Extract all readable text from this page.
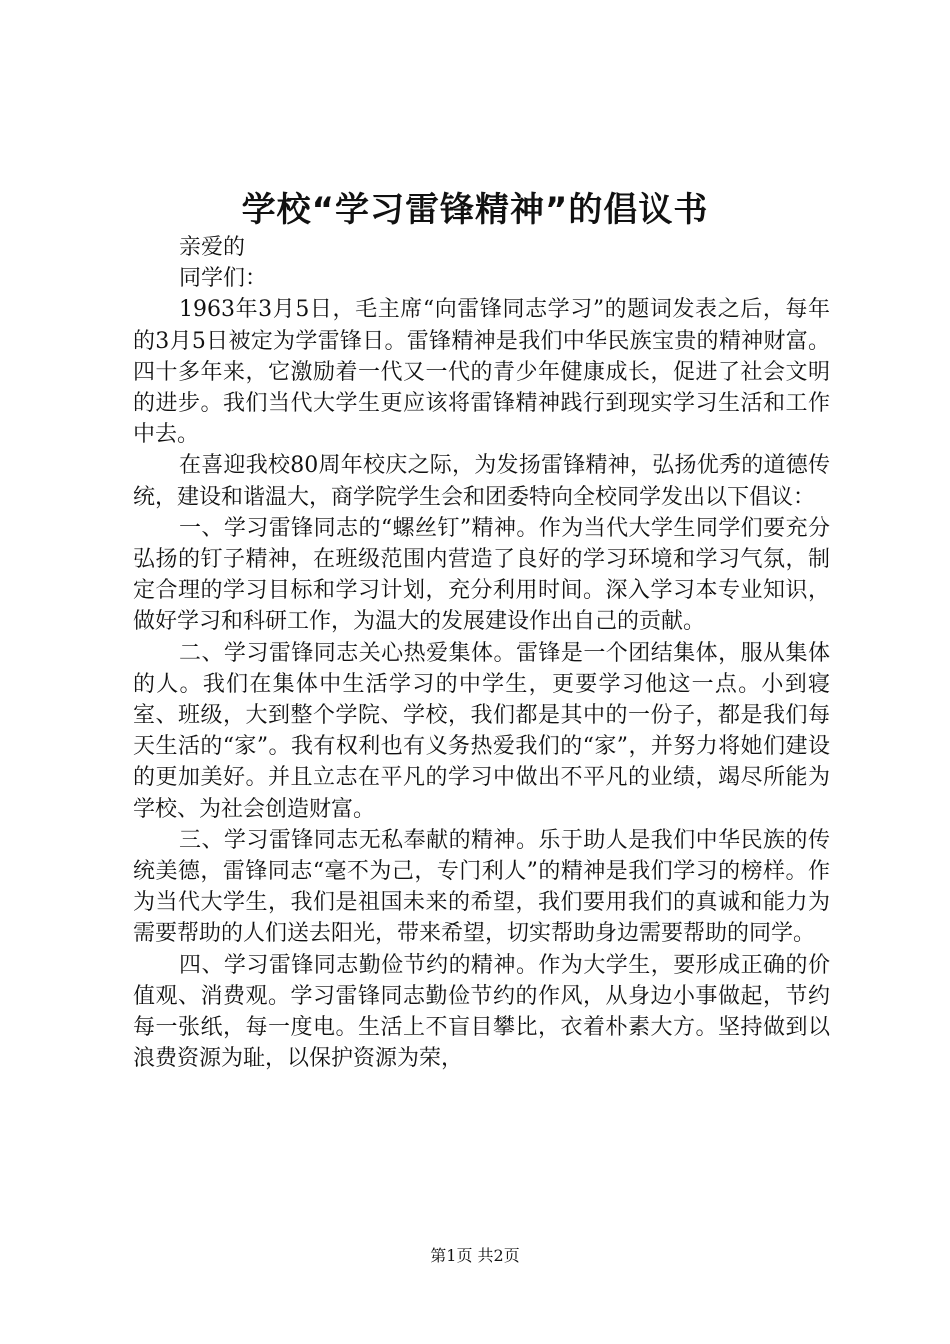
学校“学习雷锋精神”的倡议书

亲爱的

同学们：

1963年3月5日，毛主席“向雷锋同志学习”的题词发表之后，每年的3月5日被定为学雷锋日。雷锋精神是我们中华民族宝贵的精神财富。四十多年来，它激励着一代又一代的青少年健康成长，促进了社会文明的进步。我们当代大学生更应该将雷锋精神践行到现实学习生活和工作中去。

在喜迎我校80周年校庆之际，为发扬雷锋精神，弘扬优秀的道德传统，建设和谐温大，商学院学生会和团委特向全校同学发出以下倡议：

一、学习雷锋同志的“螺丝钉”精神。作为当代大学生同学们要充分弘扬的钉子精神，在班级范围内营造了良好的学习环境和学习气氛，制定合理的学习目标和学习计划，充分利用时间。深入学习本专业知识，做好学习和科研工作，为温大的发展建设作出自己的贡献。

二、学习雷锋同志关心热爱集体。雷锋是一个团结集体，服从集体的人。我们在集体中生活学习的中学生，更要学习他这一点。小到寝室、班级，大到整个学院、学校，我们都是其中的一份子，都是我们每天生活的“家”。我有权利也有义务热爱我们的“家”，并努力将她们建设的更加美好。并且立志在平凡的学习中做出不平凡的业绩，竭尽所能为学校、为社会创造财富。

三、学习雷锋同志无私奉献的精神。乐于助人是我们中华民族的传统美德，雷锋同志“毫不为己，专门利人”的精神是我们学习的榜样。作为当代大学生，我们是祖国未来的希望，我们要用我们的真诚和能力为需要帮助的人们送去阳光，带来希望，切实帮助身边需要帮助的同学。

四、学习雷锋同志勤俭节约的精神。作为大学生，要形成正确的价值观、消费观。学习雷锋同志勤俭节约的作风，从身边小事做起，节约每一张纸，每一度电。生活上不盲目攀比，衣着朴素大方。坚持做到以浪费资源为耻，以保护资源为荣，

第1页 共2页
